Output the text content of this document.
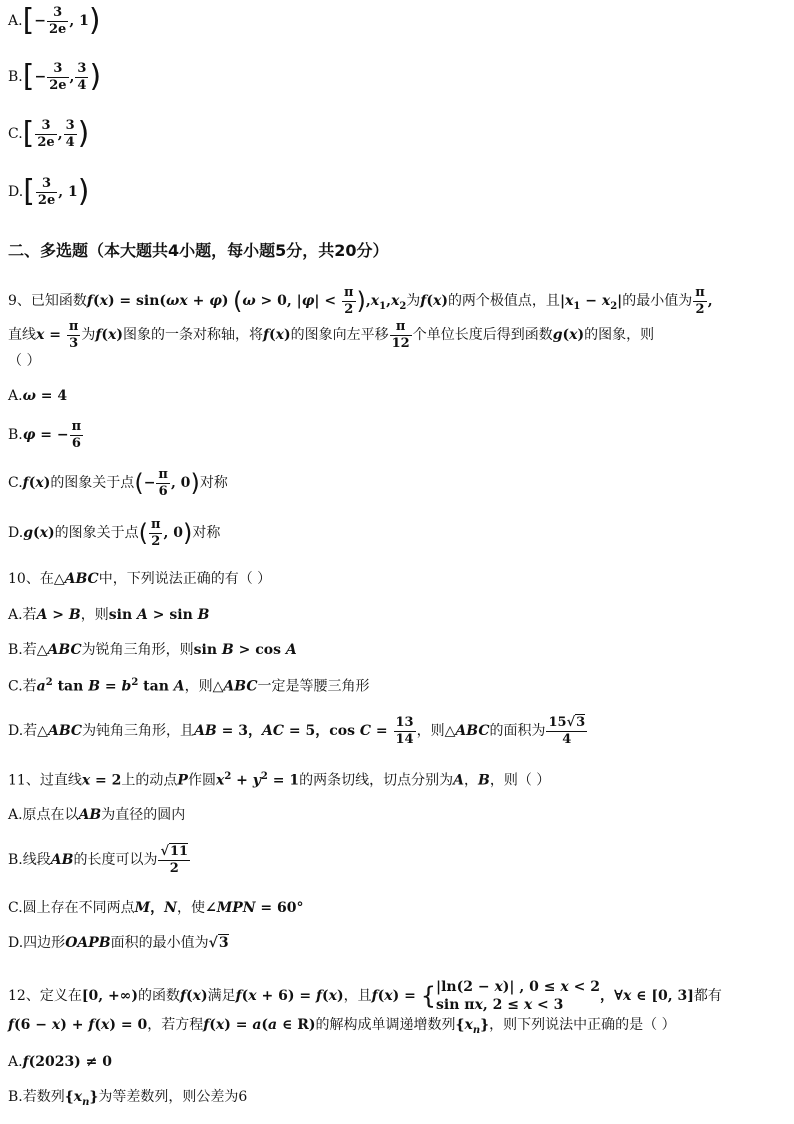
$A.[- \frac{3}{2e}$ , 1)
$B.[- \frac{3}{2e}$ , $\frac{3}{4}$ )
$C.[ \frac{3}{2e}$ , $\frac{3}{4}$ )
$D.[ \frac{3}{2e}$ , 1)
二、多选题（本大题共4小题，每小题5分，共20分）
9、已知函数f(x) = sin(ωx + φ) (ω > 0, $|\varphi| < \frac{\pi}{2} ),x_1,x_2$为f(x)的两个极值点，且$|x_1 - x_2|$的最小值为 $\frac{\pi}{2}$ ,
直线$x = \frac{\pi}{3}$ 为f(x)图象的一条对称轴，将f(x)的图象向左平移 $\frac{\pi}{12}$ 个单位长度后得到函数g(x)的图象，则
（ ）
A.ω = 4
B.φ = − $\frac{\pi}{6}$
C.f(x)的图象关于点(− $\frac{\pi}{6}$ , 0)对称
D.g(x)的图象关于点( $\frac{\pi}{2}$ , 0)对称
10、在△ABC中，下列说法正确的有（ ）
A.若A > B，则sin A > sin B
B.若△ABC为锐角三角形，则sin B > cos A
C.若$a^2$ $\tan B = b^2$ tan A，则△ABC一定是等腰三角形
D.若△ABC为钝角三角形，且AB = 3，AC = 5，$\cos C = \frac{13}{14}$ ，则△ABC的面积为 $\frac{15√3}{4}$
11、过直线x = 2上的动点P作圆$x^2 + y^2 = 1$的两条切线，切点分别为A，B，则（ ）
A.原点在以AB为直径的圆内
B.线段AB的长度可以为 $\frac{√11}{2}$
C.圆上存在不同两点M，N，使∠MPN = 60°
D.四边形OAPB面积的最小值为√3
12、定义在[0, +∞)的函数f(x)满足f(x + 6) = f(x)，且f(x) = { |ln(2 − x)| , 0 ≤ x < 2
sin πx, 2 ≤ x < 3
，∀x ∈ [0, 3]都有
f(6 − x) + f(x) = 0，若方程f(x) = a(a ∈ R)的解构成单调递增数列$\{x_n\}$，则下列说法中正确的是（ ）
A.f(2023) ≠ 0
B.若数列$\{x_n\}$为等差数列，则公差为6
